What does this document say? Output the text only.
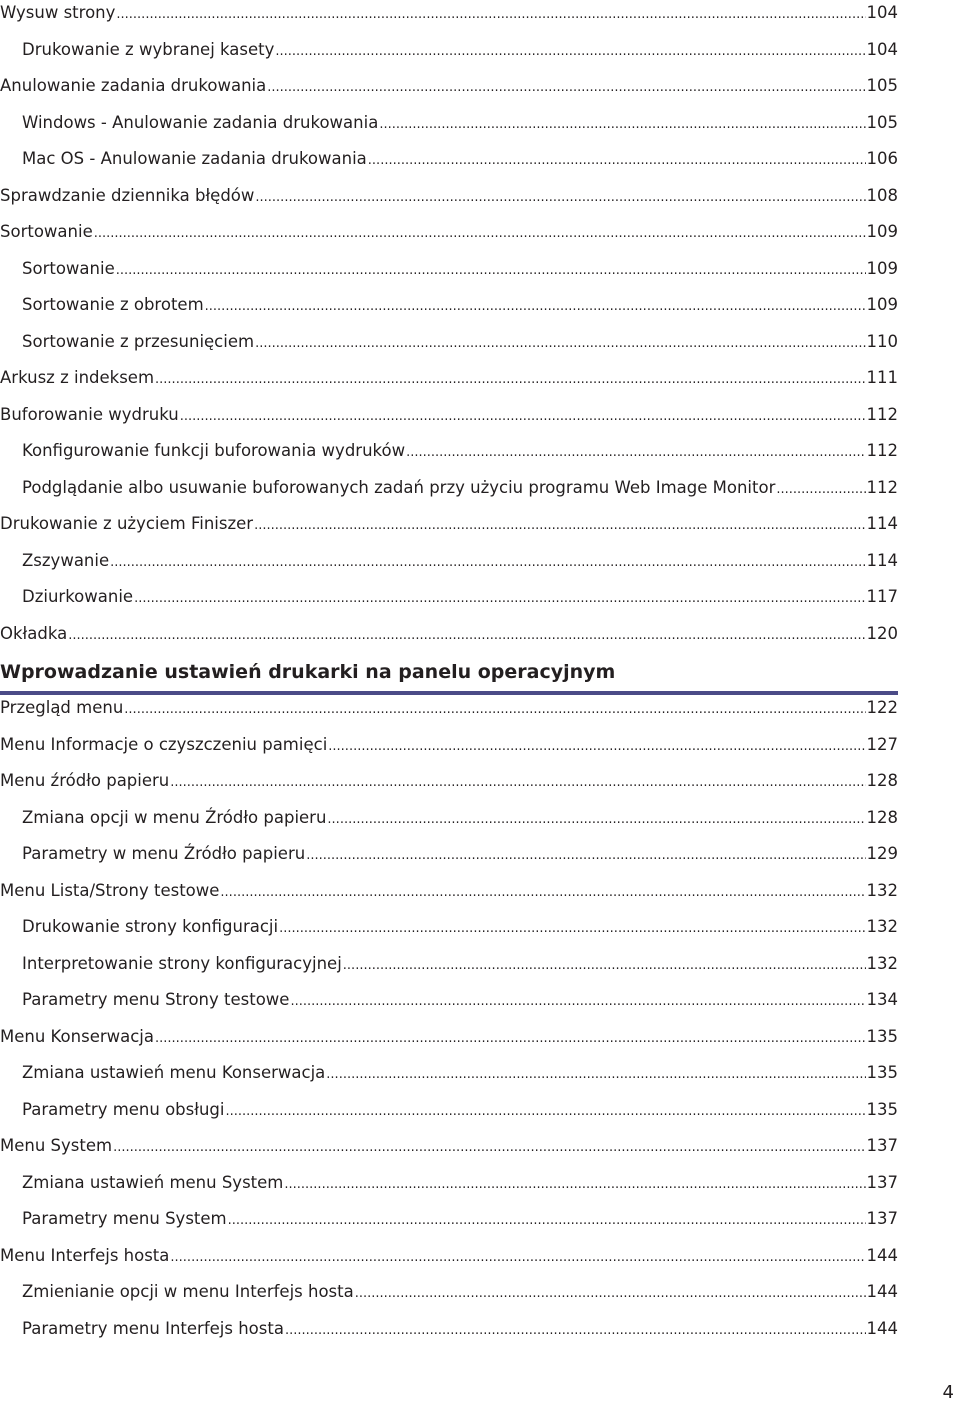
Wysuw strony .....	104
Drukowanie z wybranej kasety .....	104
Anulowanie zadania drukowania .....	105
Windows - Anulowanie zadania drukowania .....	105
Mac OS - Anulowanie zadania drukowania .....	106
Sprawdzanie dziennika błędów .....	108
Sortowanie .....	109
Sortowanie .....	109
Sortowanie z obrotem .....	109
Sortowanie z przesunięciem .....	110
Arkusz z indeksem .....	111
Buforowanie wydruku .....	112
Konfigurowanie funkcji buforowania wydruków .....	112
Podglądanie albo usuwanie buforowanych zadań przy użyciu programu Web Image Monitor .....	112
Drukowanie z użyciem Finiszer .....	114
Zszywanie .....	114
Dziurkowanie .....	117
Okładka .....	120
Wprowadzanie ustawień drukarki na panelu operacyjnym
Przegląd menu .....	122
Menu Informacje o czyszczeniu pamięci .....	127
Menu źródło papieru .....	128
Zmiana opcji w menu Źródło papieru .....	128
Parametry w menu Źródło papieru .....	129
Menu Lista/Strony testowe .....	132
Drukowanie strony konfiguracji .....	132
Interpretowanie strony konfiguracyjnej .....	132
Parametry menu Strony testowe .....	134
Menu Konserwacja .....	135
Zmiana ustawień menu Konserwacja .....	135
Parametry menu obsługi .....	135
Menu System .....	137
Zmiana ustawień menu System .....	137
Parametry menu System .....	137
Menu Interfejs hosta .....	144
Zmienianie opcji w menu Interfejs hosta .....	144
Parametry menu Interfejs hosta .....	144
4
